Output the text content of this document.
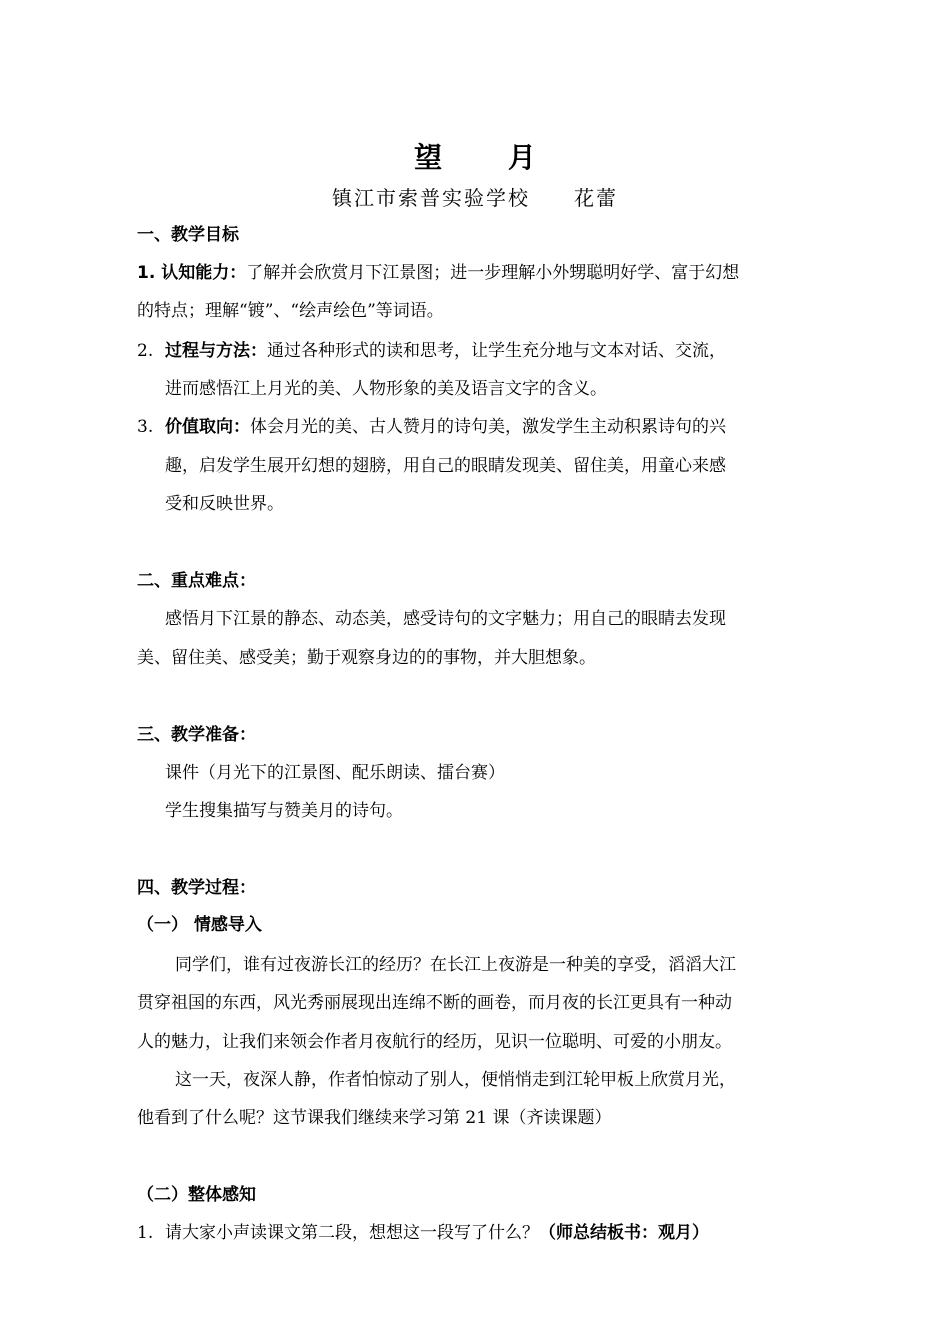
望 月
镇江市索普实验学校 花蕾
一、教学目标
1. 认知能力：了解并会欣赏月下江景图；进一步理解小外甥聪明好学、富于幻想
的特点；理解“镀”、“绘声绘色”等词语。
2. 过程与方法：通过各种形式的读和思考，让学生充分地与文本对话、交流，
进而感悟江上月光的美、人物形象的美及语言文字的含义。
3. 价值取向：体会月光的美、古人赞月的诗句美，激发学生主动积累诗句的兴
趣，启发学生展开幻想的翅膀，用自己的眼睛发现美、留住美，用童心来感
受和反映世界。
二、重点难点：
感悟月下江景的静态、动态美，感受诗句的文字魅力；用自己的眼睛去发现
美、留住美、感受美；勤于观察身边的的事物，并大胆想象。
三、教学准备：
课件（月光下的江景图、配乐朗读、擂台赛）
学生搜集描写与赞美月的诗句。
四、教学过程：
（一） 情感导入
同学们，谁有过夜游长江的经历？在长江上夜游是一种美的享受，滔滔大江
贯穿祖国的东西，风光秀丽展现出连绵不断的画卷，而月夜的长江更具有一种动
人的魅力，让我们来领会作者月夜航行的经历，见识一位聪明、可爱的小朋友。
这一天，夜深人静，作者怕惊动了别人，便悄悄走到江轮甲板上欣赏月光，
他看到了什么呢？这节课我们继续来学习第 21 课（齐读课题）
（二）整体感知
1. 请大家小声读课文第二段，想想这一段写了什么？（师总结板书：观月）
